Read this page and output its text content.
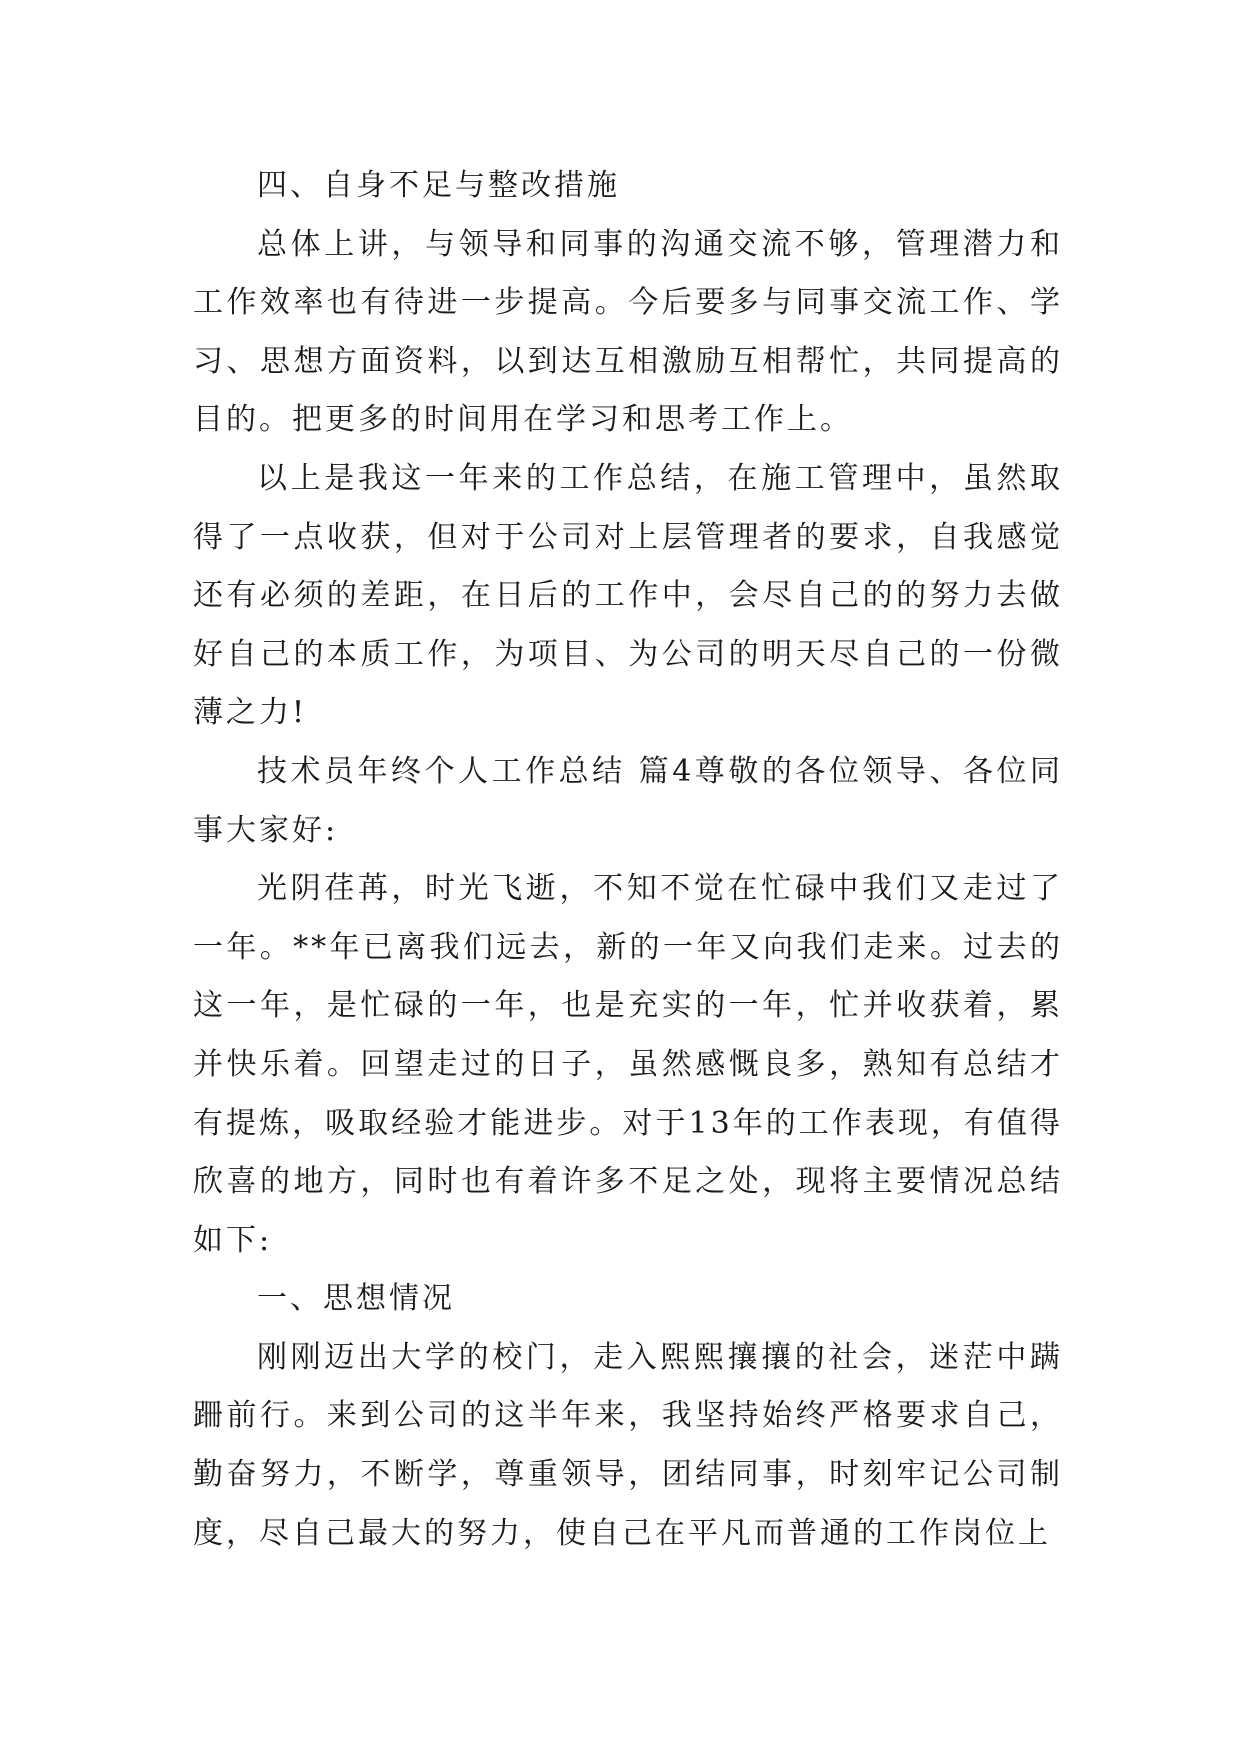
四、自身不足与整改措施

总体上讲，与领导和同事的沟通交流不够，管理潜力和工作效率也有待进一步提高。今后要多与同事交流工作、学习、思想方面资料，以到达互相激励互相帮忙，共同提高的目的。把更多的时间用在学习和思考工作上。

以上是我这一年来的工作总结，在施工管理中，虽然取得了一点收获，但对于公司对上层管理者的要求，自我感觉还有必须的差距，在日后的工作中，会尽自己的的努力去做好自己的本质工作，为项目、为公司的明天尽自己的一份微薄之力!

技术员年终个人工作总结 篇4尊敬的各位领导、各位同事大家好:

光阴荏苒，时光飞逝，不知不觉在忙碌中我们又走过了一年。**年已离我们远去，新的一年又向我们走来。过去的这一年，是忙碌的一年，也是充实的一年，忙并收获着，累并快乐着。回望走过的日子，虽然感慨良多，熟知有总结才有提炼，吸取经验才能进步。对于13年的工作表现，有值得欣喜的地方，同时也有着许多不足之处，现将主要情况总结如下:

一、思想情况

刚刚迈出大学的校门，走入熙熙攘攘的社会，迷茫中蹒跚前行。来到公司的这半年来，我坚持始终严格要求自己，勤奋努力，不断学，尊重领导，团结同事，时刻牢记公司制度，尽自己最大的努力，使自己在平凡而普通的工作岗位上
